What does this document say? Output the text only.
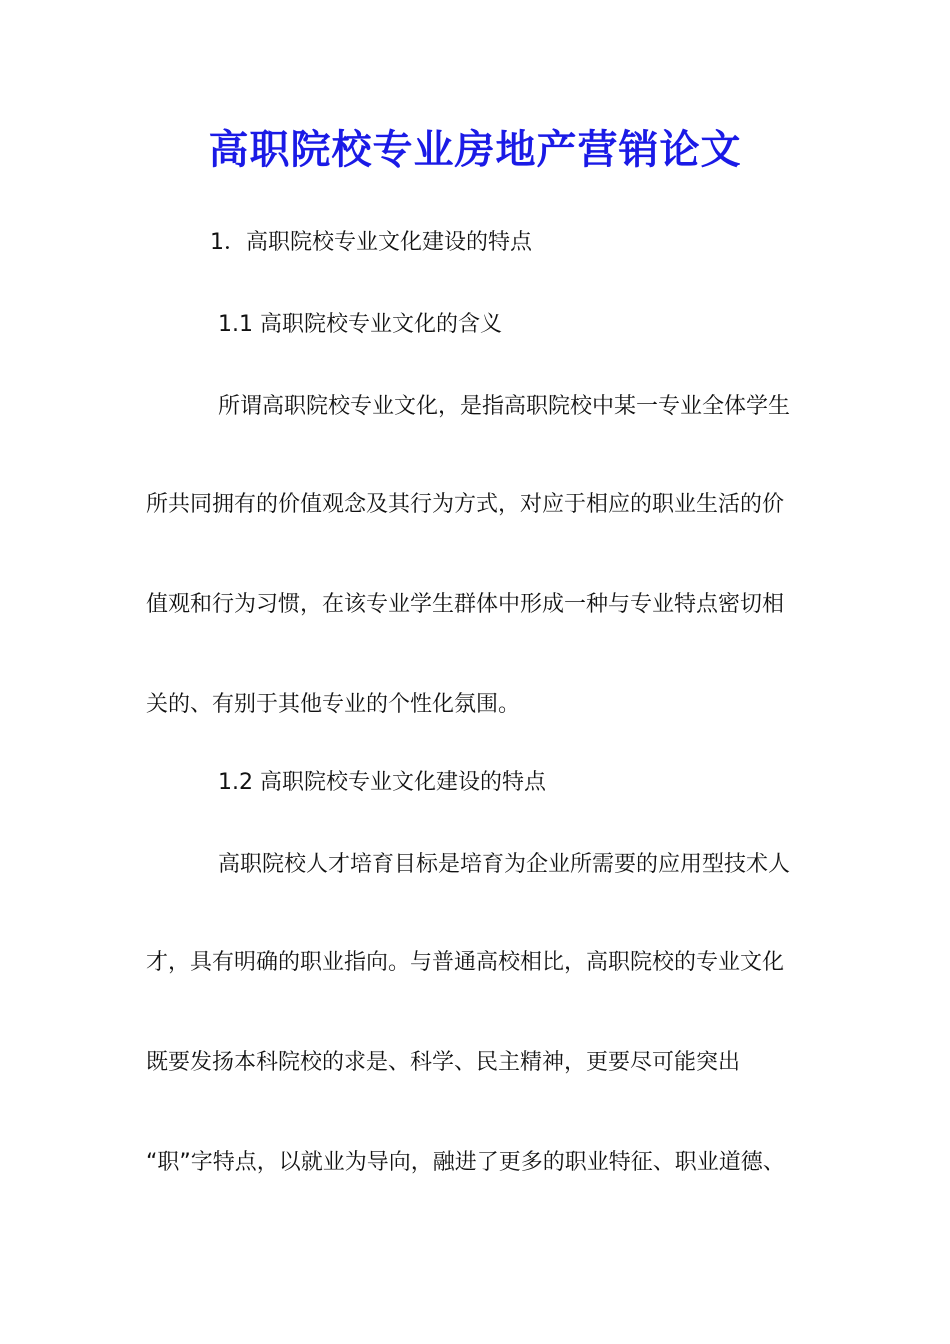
高职院校专业房地产营销论文
1．高职院校专业文化建设的特点
1.1 高职院校专业文化的含义
所谓高职院校专业文化，是指高职院校中某一专业全体学生
所共同拥有的价值观念及其行为方式，对应于相应的职业生活的价
值观和行为习惯，在该专业学生群体中形成一种与专业特点密切相
关的、有别于其他专业的个性化氛围。
1.2 高职院校专业文化建设的特点
高职院校人才培育目标是培育为企业所需要的应用型技术人
才，具有明确的职业指向。与普通高校相比，高职院校的专业文化
既要发扬本科院校的求是、科学、民主精神，更要尽可能突出
“职”字特点，以就业为导向，融进了更多的职业特征、职业道德、
